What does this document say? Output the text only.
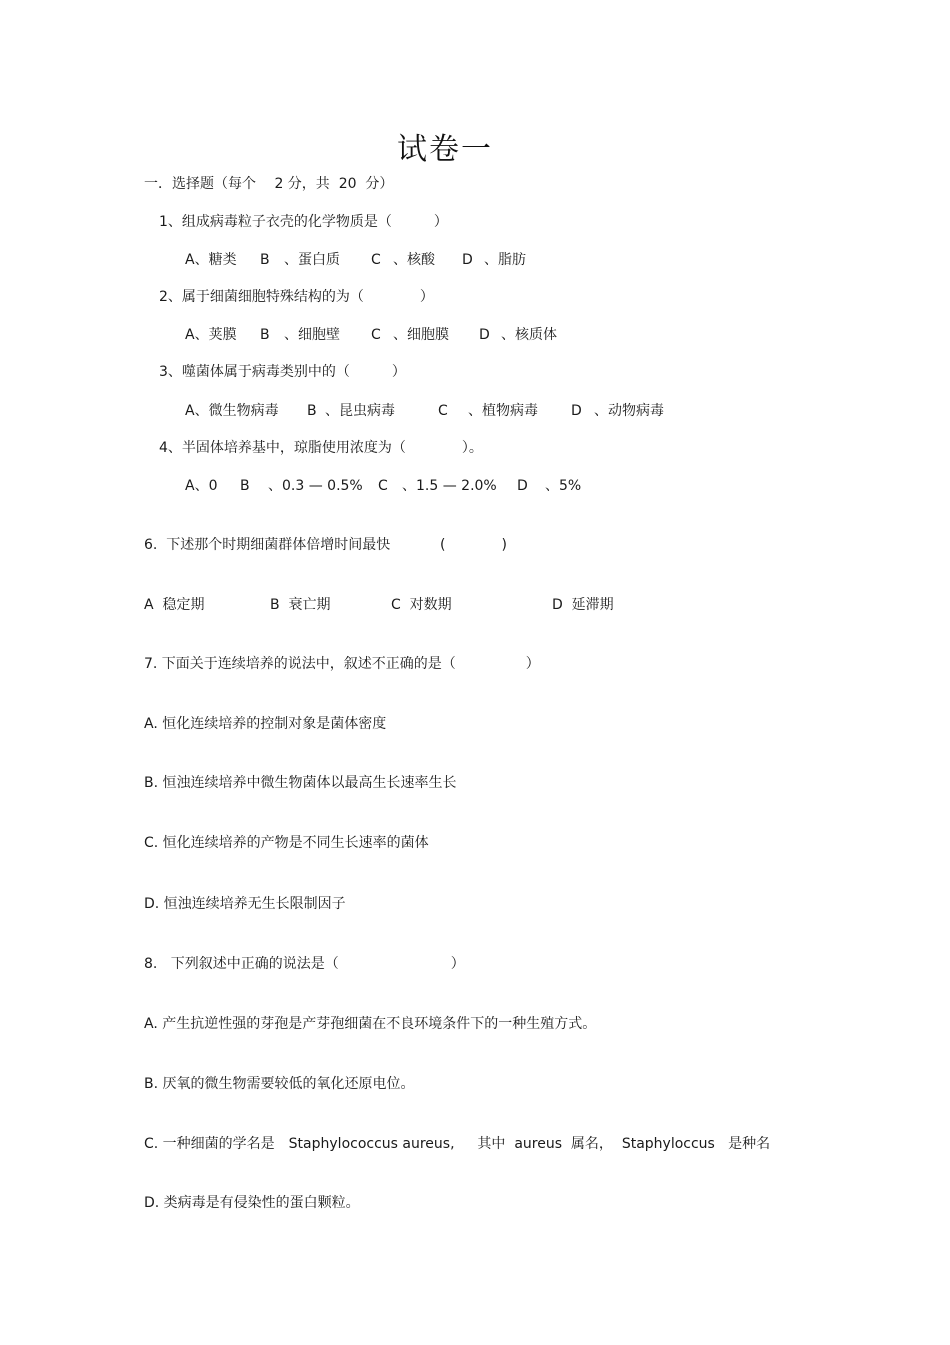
试卷一
一．选择题（每个　 2 分，共  20  分）
1、组成病毒粒子衣壳的化学物质是（　　　）
A、糖类 B 、蛋白质 C 、核酸 D 、脂肪
2、属于细菌细胞特殊结构的为（　　　　）
A、荚膜 B 、细胞壁 C 、细胞膜 D 、核质体
3、噬菌体属于病毒类别中的（　　　）
A、微生物病毒 B 、昆虫病毒	C 、植物病毒 D 、动物病毒
4、半固体培养基中，琼脂使用浓度为（　　　　）。
A、0 B 、0.3 — 0.5% C 、1.5 — 2.0% D 、5%
6.  下述那个时期细菌群体倍增时间最快	(　　　　)
A  稳定期	B  衰亡期	C  对数期	D  延滞期
7. 下面关于连续培养的说法中，叙述不正确的是（　　　　　）
A. 恒化连续培养的控制对象是菌体密度
B. 恒浊连续培养中微生物菌体以最高生长速率生长
C. 恒化连续培养的产物是不同生长速率的菌体
D. 恒浊连续培养无生长限制因子
8.   下列叙述中正确的说法是（　　　　　　　　）
A. 产生抗逆性强的芽孢是产芽孢细菌在不良环境条件下的一种生殖方式。
B. 厌氧的微生物需要较低的氧化还原电位。
C. 一种细菌的学名是　Staphylococcus aureus,　  其中  aureus  属名，  Staphyloccus   是种名
D. 类病毒是有侵染性的蛋白颗粒。
